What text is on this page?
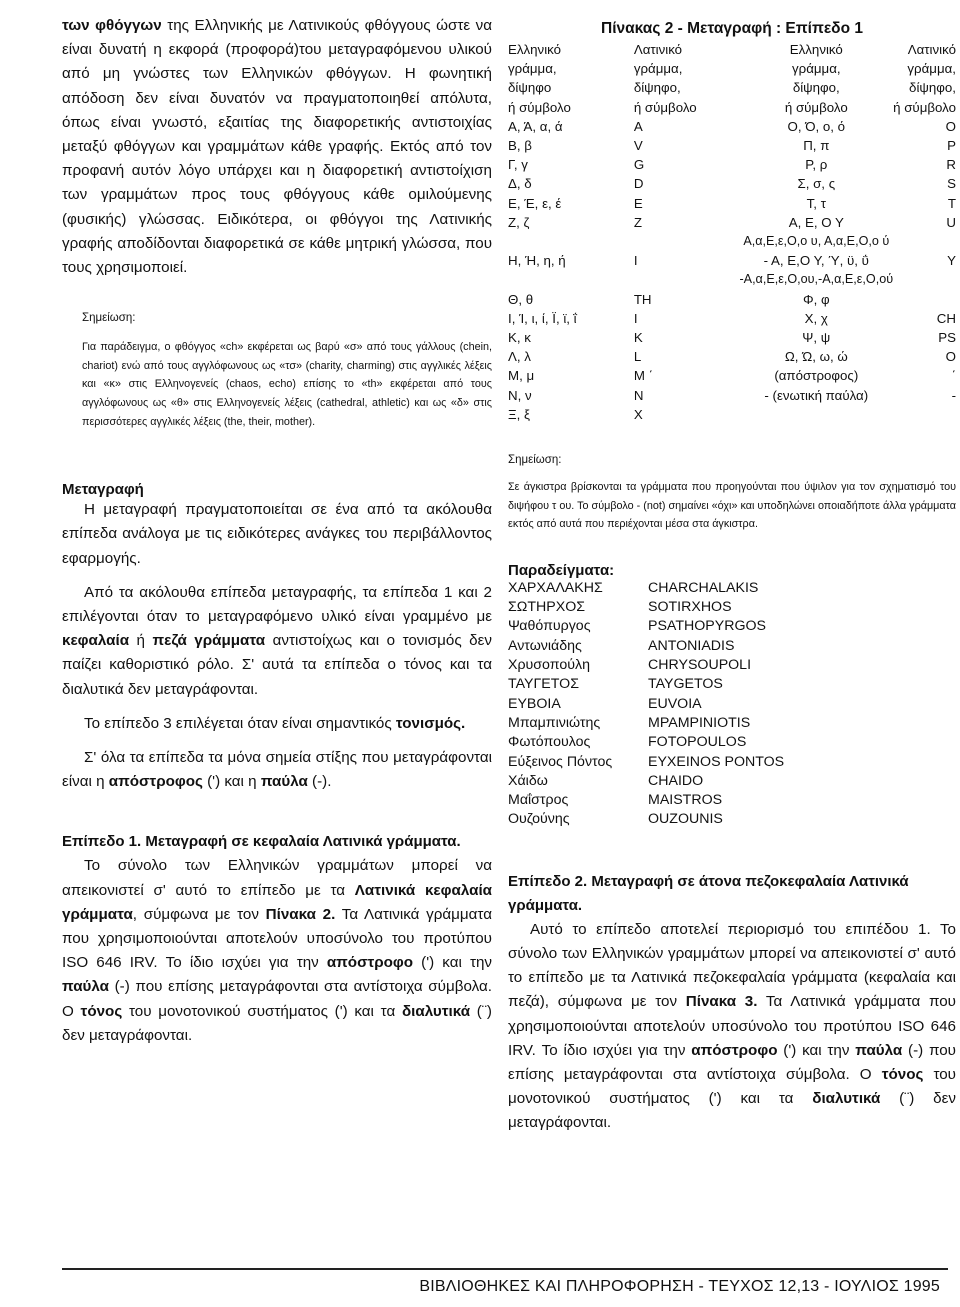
των φθόγγων της Ελληνικής με Λατινικούς φθόγγους ώστε να είναι δυνατή η εκφορά (προφορά)του μεταγραφόμενου υλικού από μη γνώστες των Ελληνικών φθόγγων. Η φωνητική απόδοση δεν είναι δυνατόν να πραγματοποιηθεί απόλυτα, όπως είναι γνωστό, εξαιτίας της διαφορετικής αντιστοιχίας μεταξύ φθόγγων και γραμμάτων κάθε γραφής. Εκτός από τον προφανή αυτόν λόγο υπάρχει και η διαφορετική αντιστοίχιση των γραμμάτων προς τους φθόγγους κάθε ομιλούμενης (φυσικής) γλώσσας. Ειδικότερα, οι φθόγγοι της Λατινικής γραφής αποδίδονται διαφορετικά σε κάθε μητρική γλώσσα, που τους χρησιμοποιεί.

Σημείωση:

Για παράδειγμα, ο φθόγγος «ch» εκφέρεται ως βαρύ «σ» από τους γάλλους (chein, chariot) ενώ από τους αγγλόφωνους ως «τσ» (charity, charming) στις αγγλικές λέξεις και «κ» στις Ελληνογενείς (chaos, echo) επίσης το «th» εκφέρεται από τους αγγλόφωνους ως «θ» στις Ελληνογενείς λέξεις (cathedral, athletic) και ως «δ» στις περισσότερες αγγλικές λέξεις (the, their, mother).

Μεταγραφή

Η μεταγραφή πραγματοποιείται σε ένα από τα ακόλουθα επίπεδα ανάλογα με τις ειδικότερες ανάγκες του περιβάλλοντος εφαρμογής.

Από τα ακόλουθα επίπεδα μεταγραφής, τα επίπεδα 1 και 2 επιλέγονται όταν το μεταγραφόμενο υλικό είναι γραμμένο με κεφαλαία ή πεζά γράμματα αντιστοίχως και ο τονισμός δεν παίζει καθοριστικό ρόλο. Σ' αυτά τα επίπεδα ο τόνος και τα διαλυτικά δεν μεταγράφονται.

Το επίπεδο 3 επιλέγεται όταν είναι σημαντικός τονισμός.

Σ' όλα τα επίπεδα τα μόνα σημεία στίξης που μεταγράφονται είναι η απόστροφος (') και η παύλα (-).

Επίπεδο 1. Μεταγραφή σε κεφαλαία Λατινικά γράμματα.

Το σύνολο των Ελληνικών γραμμάτων μπορεί να απεικονιστεί σ' αυτό το επίπεδο με τα Λατινικά κεφαλαία γράμματα, σύμφωνα με τον Πίνακα 2. Τα Λατινικά γράμματα που χρησιμοποιούνται αποτελούν υποσύνολο του προτύπου ISO 646 IRV. Το ίδιο ισχύει για την απόστροφο (') και την παύλα (-) που επίσης μεταγράφονται στα αντίστοιχα σύμβολα. Ο τόνος του μονοτονικού συστήματος (') και τα διαλυτικά (¨) δεν μεταγράφονται.

Πίνακας 2 - Μεταγραφή : Επίπεδο 1

Ελληνικό	Λατινικό	Ελληνικό	Λατινικό
γράμμα,	γράμμα,	γράμμα,	γράμμα,
δίψηφο	δίψηφο,	δίψηφο,	δίψηφο,
ή σύμβολο	ή σύμβολο	ή σύμβολο	ή σύμβολο
Α, Ά, α, ά	A	Ο, Ό, ο, ό	O
Β, β	V	Π, π	P
Γ, γ	G	Ρ, ρ	R
Δ, δ	D	Σ, σ, ς	S
Ε, Έ, ε, έ	E	Τ, τ	T
Ζ, ζ	Z	Α, Ε, Ο Υ	U
		Α,α,Ε,ε,Ο,ο υ, Α,α,Ε,Ο,ο ύ	
Η, Ή, η, ή	I	- Α, Ε,Ο Υ, Ύ, ϋ, ΰ	Y
		-Α,α,Ε,ε,Ο,ου,-Α,α,Ε,ε,Ο,ού	
Θ, θ	TH	Φ, φ	
Ι, Ί, ι, ί, Ϊ, ϊ, ΐ	I	Χ, χ	CH
Κ, κ	K	Ψ, ψ	PS
Λ, λ	L	Ω, Ώ, ω, ώ	O
Μ, μ	M ΄	(απόστροφος)	΄
Ν, ν	N	- (ενωτική παύλα)	-
Ξ, ξ	X		

Σημείωση:

Σε άγκιστρα βρίσκονται τα γράμματα που προηγούνται που ύψιλον για τον σχηματισμό του διψήφου τ ου. Το σύμβολο - (not) σημαίνει «όχι» και υποδηλώνει οποιαδήποτε άλλα γράμματα εκτός από αυτά που περιέχονται μέσα στα άγκιστρα.

Παραδείγματα:

ΧΑΡΧΑΛΑΚΗΣ	CHARCHALAKIS
ΣΩΤΗΡΧΟΣ	SOTIRXHOS
Ψαθόπυργος	PSATHOPYRGOS
Αντωνιάδης	ANTONIADIS
Χρυσοπούλη	CHRYSOUPOLI
ΤΑΥΓΕΤΟΣ	TAYGETOS
ΕΥΒΟΙΑ	EUVOIA
Μπαμπινιώτης	MPAMPINIOTIS
Φωτόπουλος	FOTOPOULOS
Εύξεινος Πόντος	EYXEINOS PONTOS
Χάιδω	CHAIDO
Μαΐστρος	MAISTROS
Ουζούνης	OUZOUNIS

Επίπεδο 2. Μεταγραφή σε άτονα πεζοκεφαλαία Λατινικά γράμματα.

Αυτό το επίπεδο αποτελεί περιορισμό του επιπέδου 1. Το σύνολο των Ελληνικών γραμμάτων μπορεί να απεικονιστεί σ' αυτό το επίπεδο με τα Λατινικά πεζοκεφαλαία γράμματα (κεφαλαία και πεζά), σύμφωνα με τον Πίνακα 3. Τα Λατινικά γράμματα που χρησιμοποιούνται αποτελούν υποσύνολο του προτύπου ISO 646 IRV. Το ίδιο ισχύει για την απόστροφο (') και την παύλα (-) που επίσης μεταγράφονται στα αντίστοιχα σύμβολα. Ο τόνος του μονοτονικού συστήματος (') και τα διαλυτικά (¨) δεν μεταγράφονται.

ΒΙΒΛΙΟΘΗΚΕΣ ΚΑΙ ΠΛΗΡΟΦΟΡΗΣΗ - ΤΕΥΧΟΣ 12,13 - ΙΟΥΛΙΟΣ 1995
